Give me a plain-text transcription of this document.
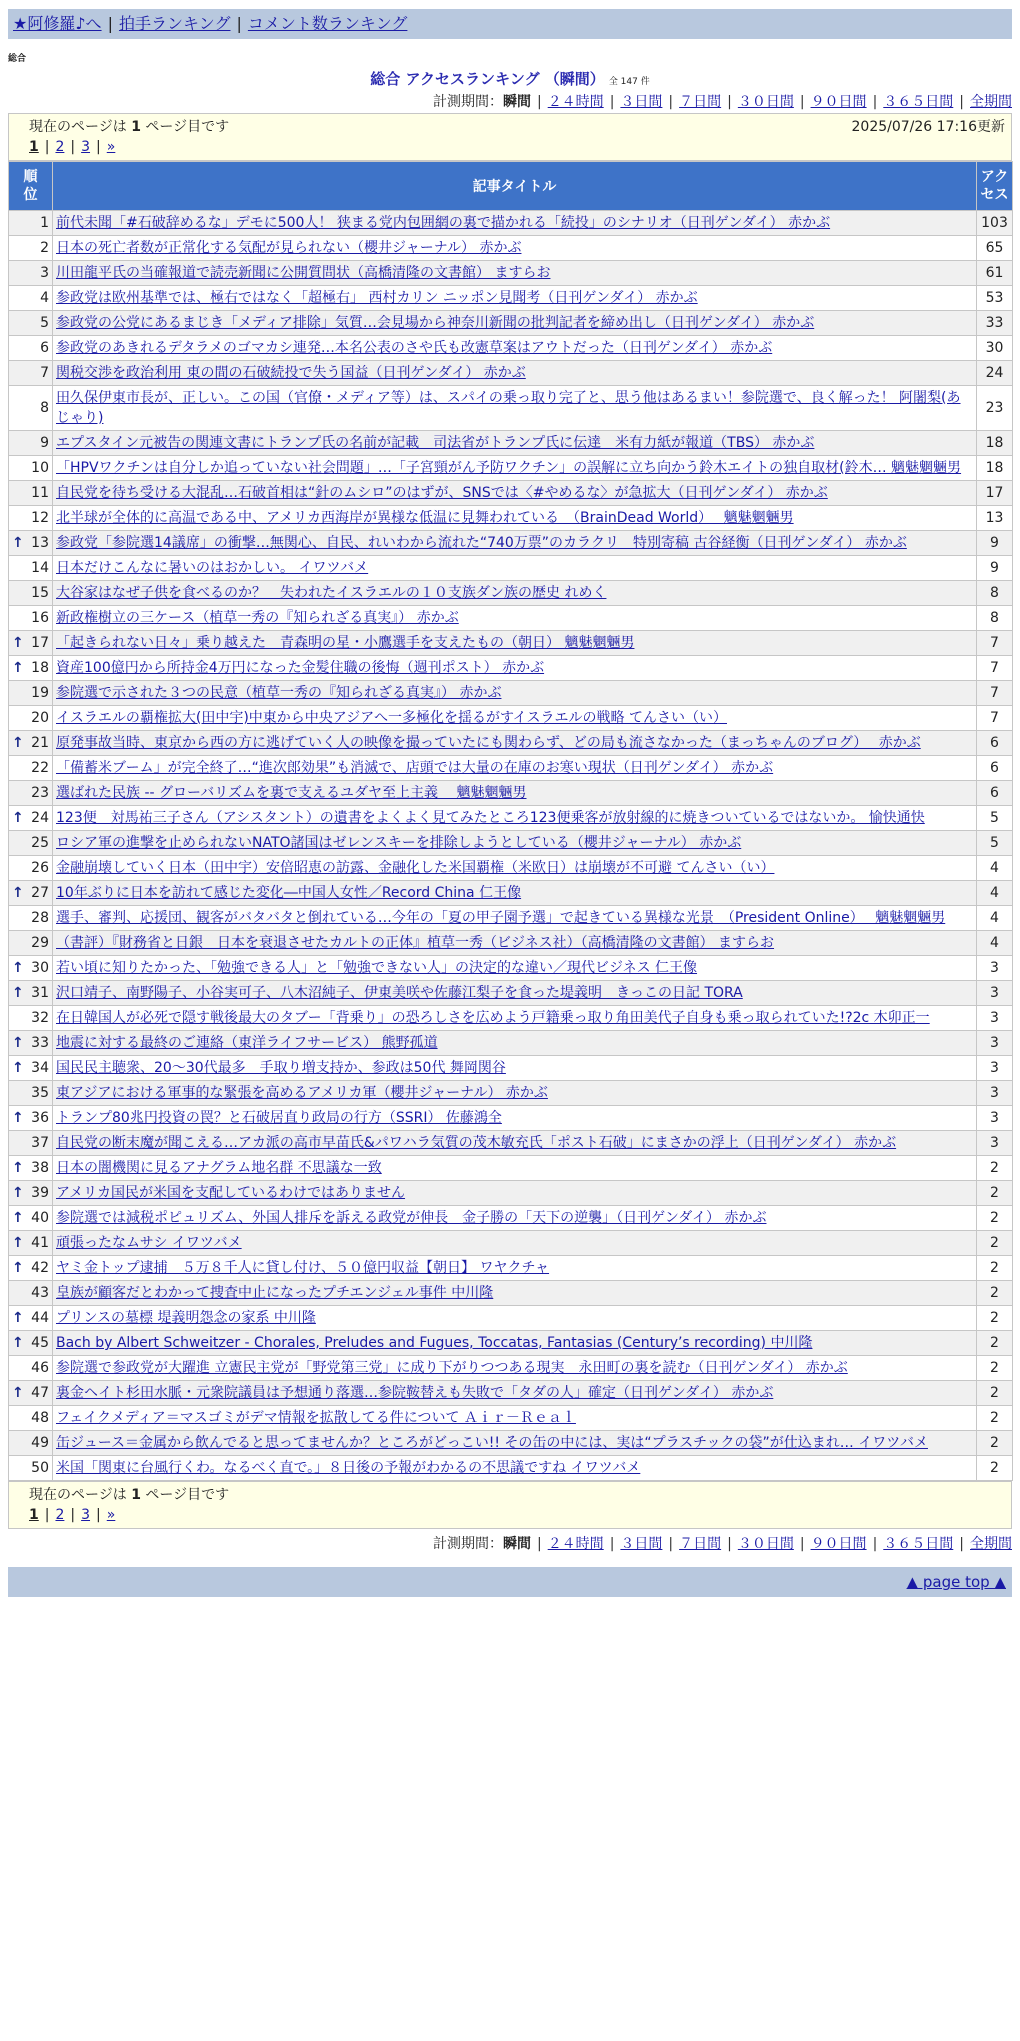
★阿修羅♪へ | 拍手ランキング | コメント数ランキング
総合
総合 アクセスランキング （瞬間） 全 147 件
計測期間：瞬間 | ２４時間 | ３日間 | ７日間 | ３０日間 | ９０日間 | ３６５日間 | 全期間
現在のページは 1 ページ目です	2025/07/26 17:16更新
1 | 2 | 3 | »
順位	記事タイトル	アクセス

1	前代未聞「#石破辞めるな」デモに500人！ 狭まる党内包囲網の裏で描かれる「続投」のシナリオ（日刊ゲンダイ） 赤かぶ	103
2	日本の死亡者数が正常化する気配が見られない（櫻井ジャーナル） 赤かぶ	65
3	川田龍平氏の当確報道で読売新聞に公開質問状（高橋清隆の文書館） ますらお	61
4	参政党は欧州基準では、極右ではなく「超極右」 西村カリン ニッポン見聞考（日刊ゲンダイ） 赤かぶ	53
5	参政党の公党にあるまじき「メディア排除」気質…会見場から神奈川新聞の批判記者を締め出し（日刊ゲンダイ） 赤かぶ	33
6	参政党のあきれるデタラメのゴマカシ連発…本名公表のさや氏も改憲草案はアウトだった（日刊ゲンダイ） 赤かぶ	30
7	関税交渉を政治利用 東の間の石破続投で失う国益（日刊ゲンダイ） 赤かぶ	24
8	田久保伊東市長が、正しい。この国（官僚・メディア等）は、スパイの乗っ取り完了と、思う他はあるまい！参院選で、良く解った！ 阿闍梨(あじゃり)	23
9	エプスタイン元被告の関連文書にトランプ氏の名前が記載　司法省がトランプ氏に伝達　米有力紙が報道（TBS） 赤かぶ	18
10	「HPVワクチンは自分しか追っていない社会問題」…「子宮頸がん予防ワクチン」の誤解に立ち向かう鈴木エイトの独自取材(鈴木… 魑魅魍魎男	18
11	自民党を待ち受ける大混乱…石破首相は“針のムシロ”のはずが、SNSでは〈#やめるな〉が急拡大（日刊ゲンダイ） 赤かぶ	17
12	北半球が全体的に高温である中、アメリカ西海岸が異様な低温に見舞われている　（BrainDead World）　 魑魅魍魎男	13

↑ 13	参政党「参院選14議席」の衝撃…無関心、自民、れいわから流れた“740万票”のカラクリ　特別寄稿 古谷経衡（日刊ゲンダイ） 赤かぶ	9
14	日本だけこんなに暑いのはおかしい。 イワツバメ	9
15	大谷家はなぜ子供を食べるのか？　失われたイスラエルの１０支族ダン族の歴史 れめく	8
16	新政権樹立の三ケース（植草一秀の『知られざる真実』） 赤かぶ	8

↑ 17	「起きられない日々」乗り越えた　青森明の星・小鷹選手を支えたもの（朝日） 魑魅魍魎男	7

↑ 18	資産100億円から所持金4万円になった金髪住職の後悔（週刊ポスト） 赤かぶ	7
19	参院選で示された３つの民意（植草一秀の『知られざる真実』） 赤かぶ	7
20	イスラエルの覇権拡大(田中宇)中東から中央アジアへ一多極化を揺るがすイスラエルの戦略 てんさい（い）	7

↑ 21	原発事故当時、東京から西の方に逃げていく人の映像を撮っていたにも関わらず、どの局も流さなかった（まっちゃんのブログ）　 赤かぶ	6
22	「備蓄米ブーム」が完全終了…“進次郎効果”も消滅で、店頭では大量の在庫のお寒い現状（日刊ゲンダイ） 赤かぶ	6
23	選ばれた民族 -- グローバリズムを裏で支えるユダヤ至上主義　 魑魅魍魎男	6

↑ 24	123便　対馬祐三子さん（アシスタント）の遺書をよくよく見てみたところ123便乗客が放射線的に焼きついているではないか。 愉快通快	5
25	ロシア軍の進撃を止められないNATO諸国はゼレンスキーを排除しようとしている（櫻井ジャーナル） 赤かぶ	5
26	金融崩壊していく日本（田中宇）安倍昭恵の訪露、金融化した米国覇権（米欧日）は崩壊が不可避 てんさい（い）	4

↑ 27	10年ぶりに日本を訪れて感じた変化―中国人女性／Record China 仁王像	4
28	選手、審判、応援団、観客がバタバタと倒れている…今年の「夏の甲子園予選」で起きている異様な光景　（President Online）　 魑魅魍魎男	4
29	（書評）『財務省と日銀　日本を衰退させたカルトの正体』植草一秀（ビジネス社）（高橋清隆の文書館） ますらお	4

↑ 30	若い頃に知りたかった、「勉強できる人」と「勉強できない人」の決定的な違い／現代ビジネス 仁王像	3

↑ 31	沢口靖子、南野陽子、小谷実可子、八木沼純子、伊東美咲や佐藤江梨子を食った堤義明　きっこの日記 TORA	3
32	在日韓国人が必死で隠す戦後最大のタブー「背乗り」の恐ろしさを広めよう戸籍乗っ取り角田美代子自身も乗っ取られていた!?2c 木卯正一	3

↑ 33	地震に対する最終のご連絡（東洋ライフサービス） 熊野孤道	3

↑ 34	国民民主聴衆、20～30代最多　手取り増支持か、参政は50代 舞岡関谷	3
35	東アジアにおける軍事的な緊張を高めるアメリカ軍（櫻井ジャーナル） 赤かぶ	3

↑ 36	トランプ80兆円投資の罠？と石破居直り政局の行方（SSRI） 佐藤鴻全	3
37	自民党の断末魔が聞こえる…アカ派の高市早苗氏&パワハラ気質の茂木敏充氏「ポスト石破」にまさかの浮上（日刊ゲンダイ） 赤かぶ	3

↑ 38	日本の闇機関に見るアナグラム地名群 不思議な一致	2

↑ 39	アメリカ国民が米国を支配しているわけではありません	2

↑ 40	参院選では減税ポピュリズム、外国人排斥を訴える政党が伸長　金子勝の「天下の逆襲」（日刊ゲンダイ） 赤かぶ	2

↑ 41	頑張ったなムサシ イワツバメ	2

↑ 42	ヤミ金トップ逮捕　５万８千人に貸し付け、５０億円収益【朝日】 ワヤクチャ	2
43	皇族が顧客だとわかって捜査中止になったプチエンジェル事件 中川隆	2

↑ 44	プリンスの墓標 堤義明怨念の家系 中川隆	2

↑ 45	Bach by Albert Schweitzer - Chorales, Preludes and Fugues, Toccatas, Fantasias (Century’s recording) 中川隆	2
46	参院選で参政党が大躍進 立憲民主党が「野党第三党」に成り下がりつつある現実　永田町の裏を読む（日刊ゲンダイ） 赤かぶ	2

↑ 47	裏金ヘイト杉田水脈・元衆院議員は予想通り落選…参院鞍替えも失敗で「タダの人」確定（日刊ゲンダイ） 赤かぶ	2
48	フェイクメディア＝マスゴミがデマ情報を拡散してる件について Ａｉｒ－Ｒｅａｌ	2
49	缶ジュース＝金属から飲んでると思ってませんか？ところがどっこい!! その缶の中には、実は“プラスチックの袋”が仕込まれ… イワツバメ	2
50	米国「関東に台風行くわ。なるべく直で。」８日後の予報がわかるの不思議ですね イワツバメ	2
現在のページは 1 ページ目です
1 | 2 | 3 | »
計測期間：瞬間 | ２４時間 | ３日間 | ７日間 | ３０日間 | ９０日間 | ３６５日間 | 全期間
▲ page top ▲
